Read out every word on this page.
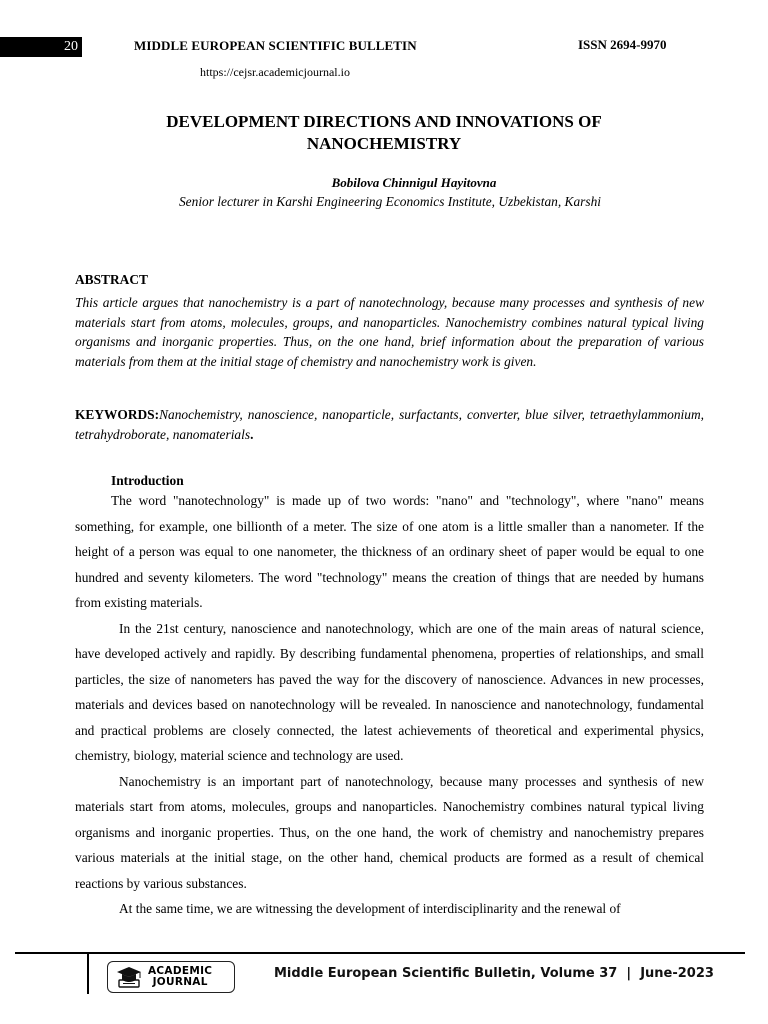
20	MIDDLE EUROPEAN SCIENTIFIC BULLETIN	ISSN 2694-9970
https://cejsr.academicjournal.io
DEVELOPMENT DIRECTIONS AND INNOVATIONS OF
NANOCHEMISTRY
Bobilova Chinnigul Hayitovna
Senior lecturer in Karshi Engineering Economics Institute, Uzbekistan, Karshi
ABSTRACT
This article argues that nanochemistry is a part of nanotechnology, because many processes and synthesis of new materials start from atoms, molecules, groups, and nanoparticles. Nanochemistry combines natural typical living organisms and inorganic properties. Thus, on the one hand, brief information about the preparation of various materials from them at the initial stage of chemistry and nanochemistry work is given.
KEYWORDS:Nanochemistry, nanoscience, nanoparticle, surfactants, converter, blue silver, tetraethylammonium, tetrahydroborate, nanomaterials.
Introduction

The word "nanotechnology" is made up of two words: "nano" and "technology", where "nano" means something, for example, one billionth of a meter. The size of one atom is a little smaller than a nanometer. If the height of a person was equal to one nanometer, the thickness of an ordinary sheet of paper would be equal to one hundred and seventy kilometers. The word "technology" means the creation of things that are needed by humans from existing materials.

In the 21st century, nanoscience and nanotechnology, which are one of the main areas of natural science, have developed actively and rapidly. By describing fundamental phenomena, properties of relationships, and small particles, the size of nanometers has paved the way for the discovery of nanoscience. Advances in new processes, materials and devices based on nanotechnology will be revealed. In nanoscience and nanotechnology, fundamental and practical problems are closely connected, the latest achievements of theoretical and experimental physics, chemistry, biology, material science and technology are used.

Nanochemistry is an important part of nanotechnology, because many processes and synthesis of new materials start from atoms, molecules, groups and nanoparticles. Nanochemistry combines natural typical living organisms and inorganic properties. Thus, on the one hand, the work of chemistry and nanochemistry prepares various materials at the initial stage, on the other hand, chemical products are formed as a result of chemical reactions by various substances.

At the same time, we are witnessing the development of interdisciplinarity and the renewal of

ACADEMIC
JOURNAL
Middle European Scientific Bulletin, Volume 37  |  June-2023
